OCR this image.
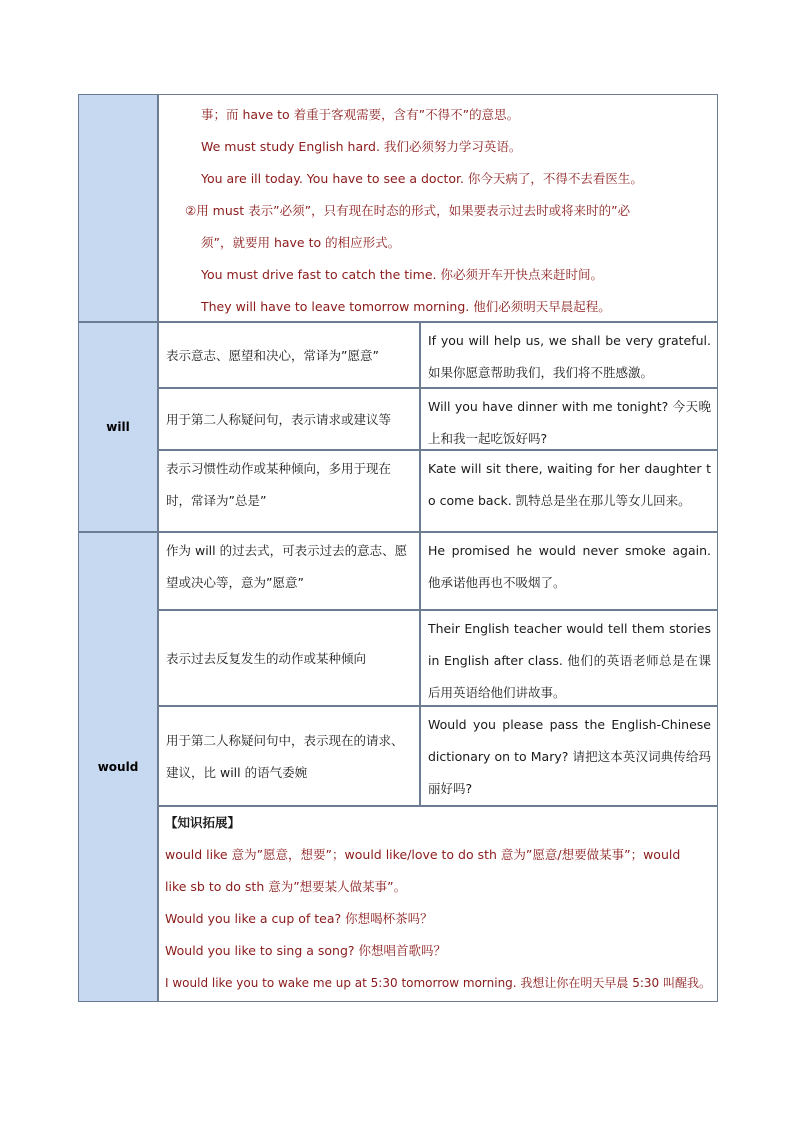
事；而 have to 着重于客观需要，含有”不得不”的意思。

We must study English hard. 我们必须努力学习英语。

You are ill today. You have to see a doctor. 你今天病了，不得不去看医生。

②用 must 表示”必须”，只有现在时态的形式，如果要表示过去时或将来时的”必

须”，就要用 have to 的相应形式。

You must drive fast to catch the time. 你必须开车开快点来赶时间。

They will have to leave tomorrow morning. 他们必须明天早晨起程。

will
表示意志、愿望和决心，常译为”愿意”
If you will help us, we shall be very grateful. 如果你愿意帮助我们，我们将不胜感激。
用于第二人称疑问句，表示请求或建议等
Will you have dinner with me tonight? 今天晚上和我一起吃饭好吗?
表示习惯性动作或某种倾向，多用于现在时，常译为”总是”
Kate will sit there, waiting for her daughter to come back. 凯特总是坐在那儿等女儿回来。
would
作为 will 的过去式，可表示过去的意志、愿望或决心等，意为”愿意”
He promised he would never smoke again. 他承诺他再也不吸烟了。
表示过去反复发生的动作或某种倾向
Their English teacher would tell them stories in English after class. 他们的英语老师总是在课后用英语给他们讲故事。
用于第二人称疑问句中，表示现在的请求、建议，比 will 的语气委婉
Would you please pass the English-Chinese dictionary on to Mary? 请把这本英汉词典传给玛丽好吗?

【知识拓展】

would like 意为”愿意，想要”；would like/love to do sth 意为”愿意/想要做某事”；would

like sb to do sth 意为”想要某人做某事”。

Would you like a cup of tea? 你想喝杯茶吗？

Would you like to sing a song? 你想唱首歌吗？

I would like you to wake me up at 5:30 tomorrow morning. 我想让你在明天早晨 5:30 叫醒我。
